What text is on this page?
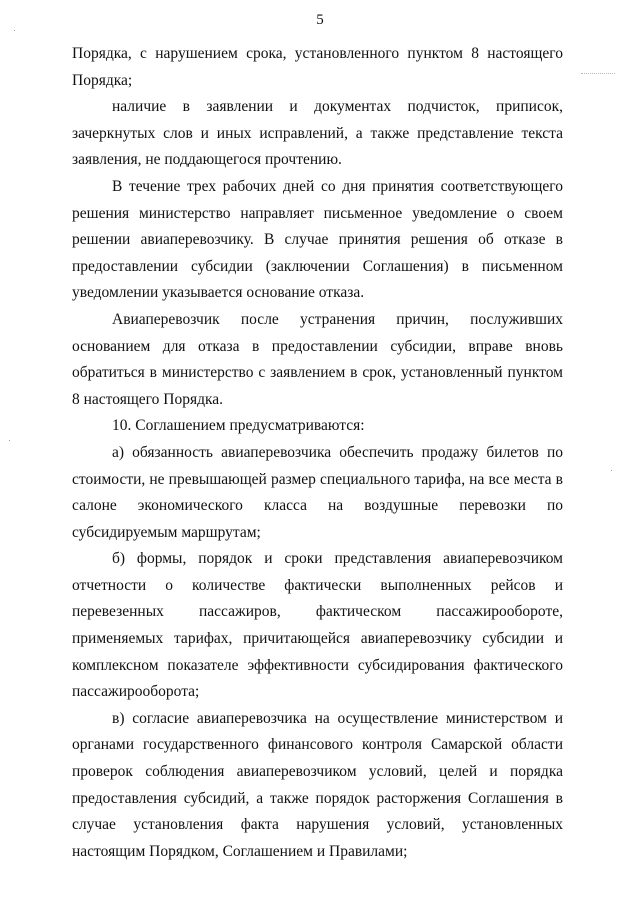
5

Порядка, с нарушением срока, установленного пунктом 8 настоящего Порядка;

наличие в заявлении и документах подчисток, приписок, зачеркнутых слов и иных исправлений, а также представление текста заявления, не поддающегося прочтению.

В течение трех рабочих дней со дня принятия соответствующего решения министерство направляет письменное уведомление о своем решении авиаперевозчику. В случае принятия решения об отказе в предоставлении субсидии (заключении Соглашения) в письменном уведомлении указывается основание отказа.

Авиаперевозчик после устранения причин, послуживших основанием для отказа в предоставлении субсидии, вправе вновь обратиться в министерство с заявлением в срок, установленный пунктом 8 настоящего Порядка.

10. Соглашением предусматриваются:

а) обязанность авиаперевозчика обеспечить продажу билетов по стоимости, не превышающей размер специального тарифа, на все места в салоне экономического класса на воздушные перевозки по субсидируемым маршрутам;

б) формы, порядок и сроки представления авиаперевозчиком отчетности о количестве фактически выполненных рейсов и перевезенных пассажиров, фактическом пассажирообороте, применяемых тарифах, причитающейся авиаперевозчику субсидии и комплексном показателе эффективности субсидирования фактического пассажирооборота;

в) согласие авиаперевозчика на осуществление министерством и органами государственного финансового контроля Самарской области проверок соблюдения авиаперевозчиком условий, целей и порядка предоставления субсидий, а также порядок расторжения Соглашения в случае установления факта нарушения условий, установленных настоящим Порядком, Соглашением и Правилами;
